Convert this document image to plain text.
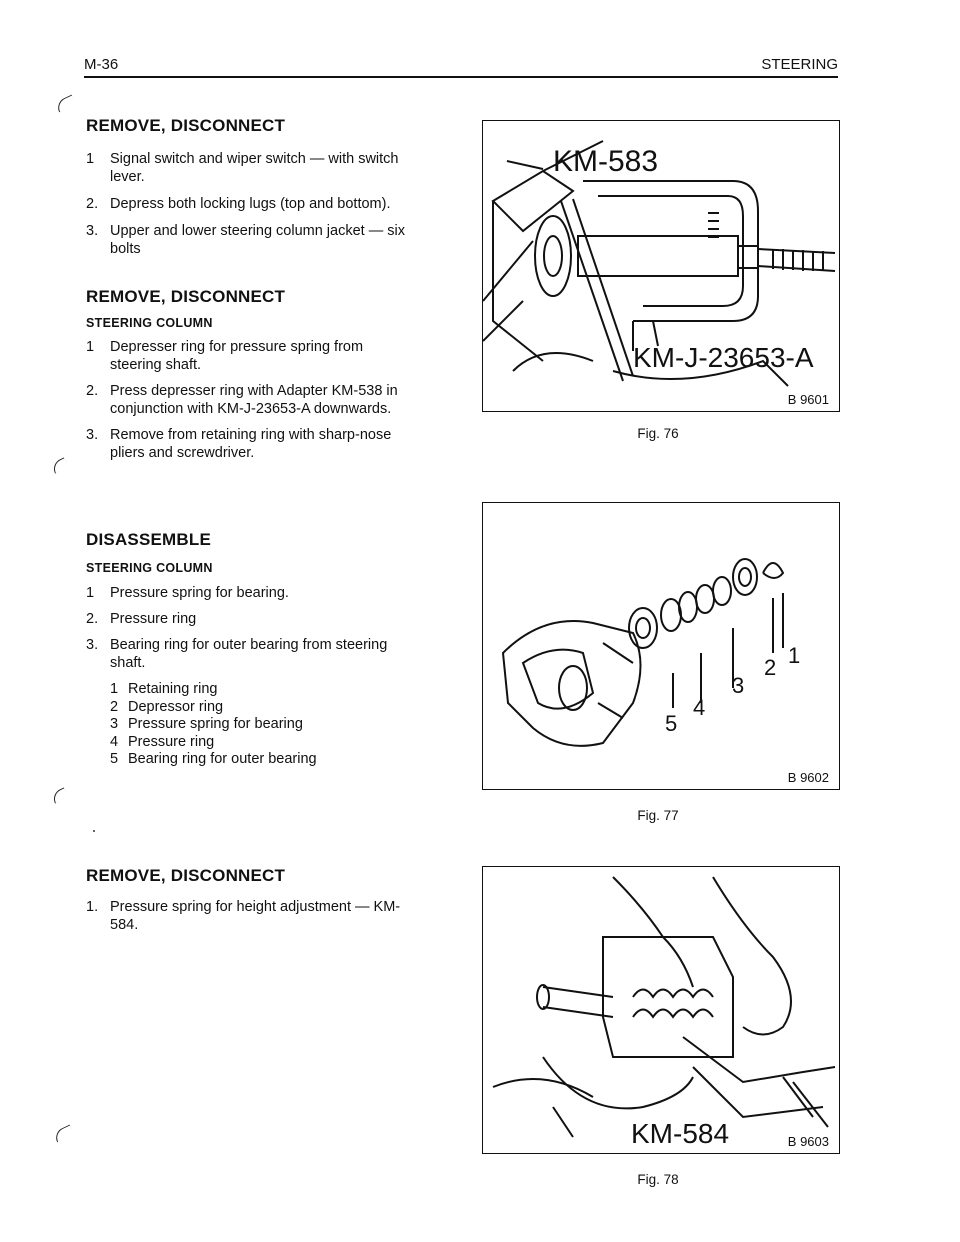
M-36	STEERING

REMOVE, DISCONNECT

1	Signal switch and wiper switch — with switch lever.
2. Depress both locking lugs (top and bottom).
3. Upper and lower steering column jacket — six bolts

REMOVE, DISCONNECT

STEERING COLUMN

1	Depresser ring for pressure spring from steering shaft.
2. Press depresser ring with Adapter KM-538 in conjunction with KM-J-23653-A downwards.
3. Remove from retaining ring with sharp-nose pliers and screwdriver.

DISASSEMBLE

STEERING COLUMN

1	Pressure spring for bearing.
2. Pressure ring
3. Bearing ring for outer bearing from steering shaft.
1 Retaining ring
2 Depressor ring
3 Pressure spring for bearing
4 Pressure ring
5 Bearing ring for outer bearing

REMOVE, DISCONNECT

1. Pressure spring for height adjustment — KM-584.
KM-583
KM-J-23653-A
B 9601
Fig. 76
1
2
3
4
5
B 9602
Fig. 77
KM-584	B 9603
Fig. 78
